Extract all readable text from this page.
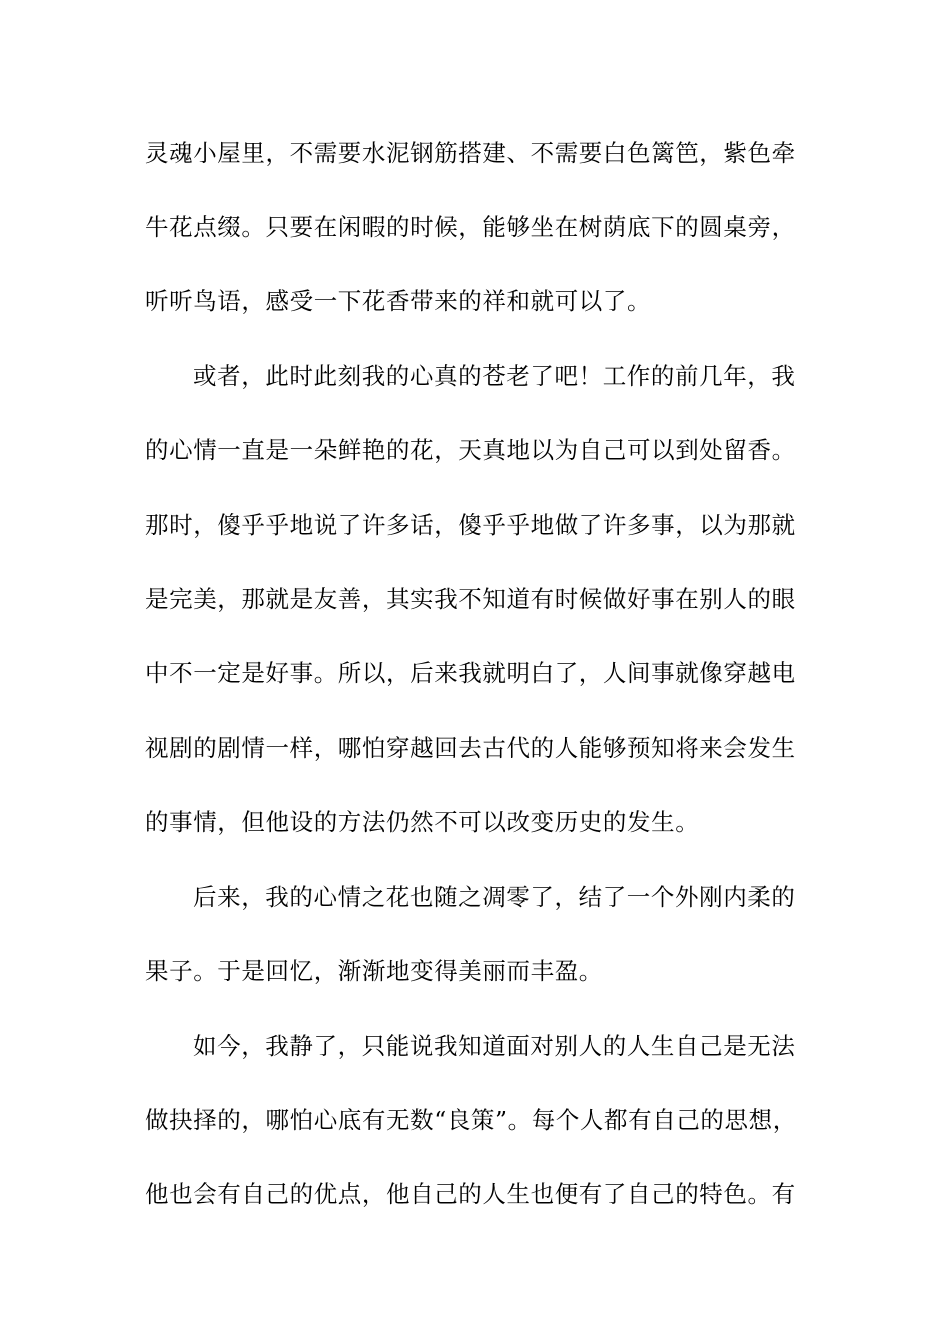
灵魂小屋里，不需要水泥钢筋搭建、不需要白色篱笆，紫色牵
牛花点缀。只要在闲暇的时候，能够坐在树荫底下的圆桌旁，
听听鸟语，感受一下花香带来的祥和就可以了。
或者，此时此刻我的心真的苍老了吧！工作的前几年，我
的心情一直是一朵鲜艳的花，天真地以为自己可以到处留香。
那时，傻乎乎地说了许多话，傻乎乎地做了许多事，以为那就
是完美，那就是友善，其实我不知道有时候做好事在别人的眼
中不一定是好事。所以，后来我就明白了，人间事就像穿越电
视剧的剧情一样，哪怕穿越回去古代的人能够预知将来会发生
的事情，但他设的方法仍然不可以改变历史的发生。
后来，我的心情之花也随之凋零了，结了一个外刚内柔的
果子。于是回忆，渐渐地变得美丽而丰盈。
如今，我静了，只能说我知道面对别人的人生自己是无法
做抉择的，哪怕心底有无数“良策”。每个人都有自己的思想，
他也会有自己的优点，他自己的人生也便有了自己的特色。有
